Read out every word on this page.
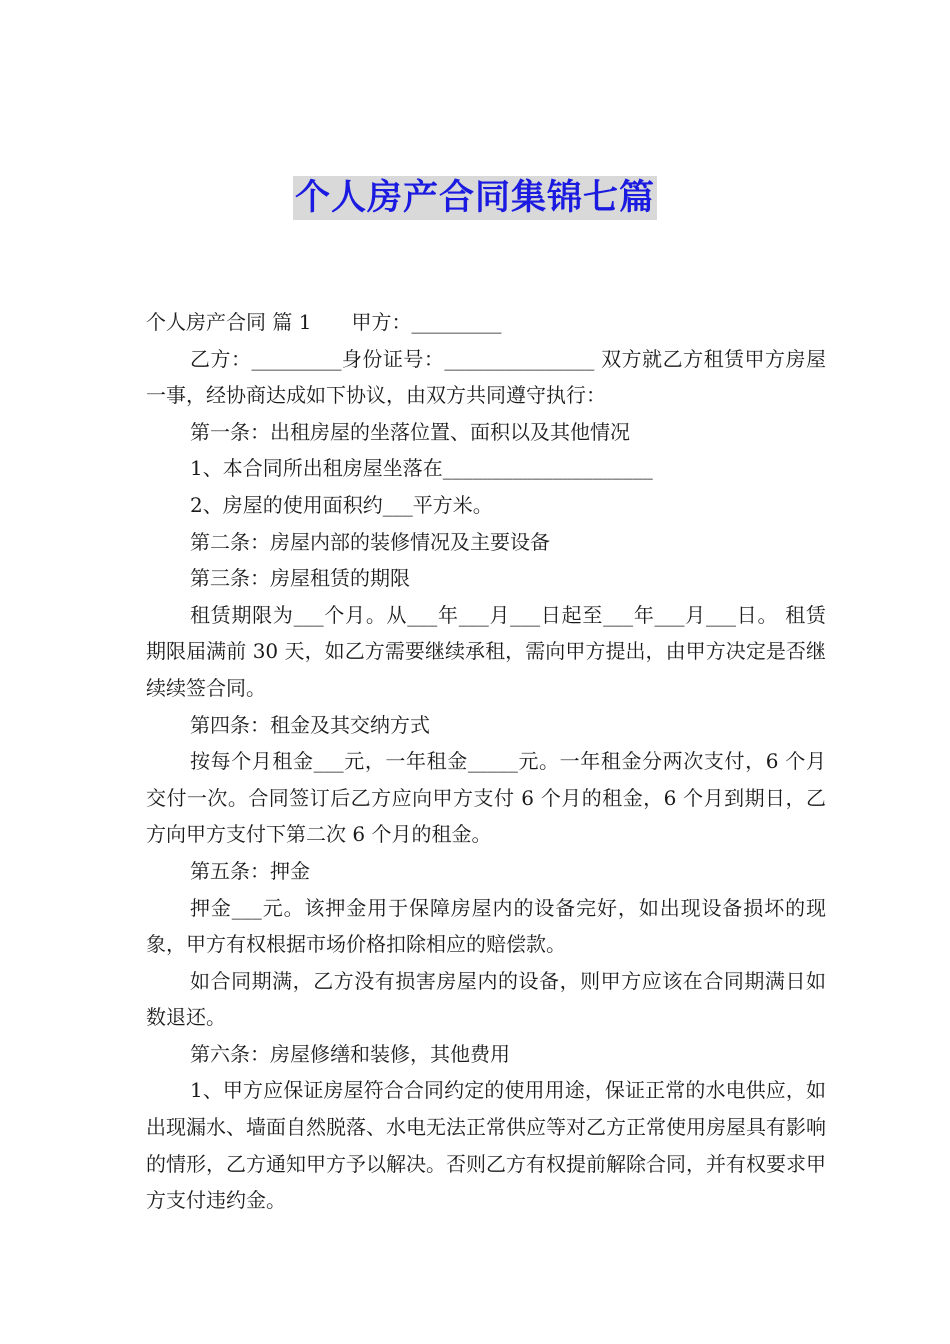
个人房产合同集锦七篇

个人房产合同 篇 1　　甲方：_________

乙方：_________身份证号：_______________ 双方就乙方租赁甲方房屋一事，经协商达成如下协议，由双方共同遵守执行：

第一条：出租房屋的坐落位置、面积以及其他情况

1、本合同所出租房屋坐落在_____________________

2、房屋的使用面积约___平方米。

第二条：房屋内部的装修情况及主要设备

第三条：房屋租赁的期限

租赁期限为___个月。从___年___月___日起至___年___月___日。 租赁期限届满前 30 天，如乙方需要继续承租，需向甲方提出，由甲方决定是否继续续签合同。

第四条：租金及其交纳方式

按每个月租金___元，一年租金_____元。一年租金分两次支付，6 个月交付一次。合同签订后乙方应向甲方支付 6 个月的租金，6 个月到期日，乙方向甲方支付下第二次 6 个月的租金。

第五条：押金

押金___元。该押金用于保障房屋内的设备完好，如出现设备损坏的现象，甲方有权根据市场价格扣除相应的赔偿款。

如合同期满，乙方没有损害房屋内的设备，则甲方应该在合同期满日如数退还。

第六条：房屋修缮和装修，其他费用

1、甲方应保证房屋符合合同约定的使用用途，保证正常的水电供应，如出现漏水、墙面自然脱落、水电无法正常供应等对乙方正常使用房屋具有影响的情形，乙方通知甲方予以解决。否则乙方有权提前解除合同，并有权要求甲方支付违约金。
